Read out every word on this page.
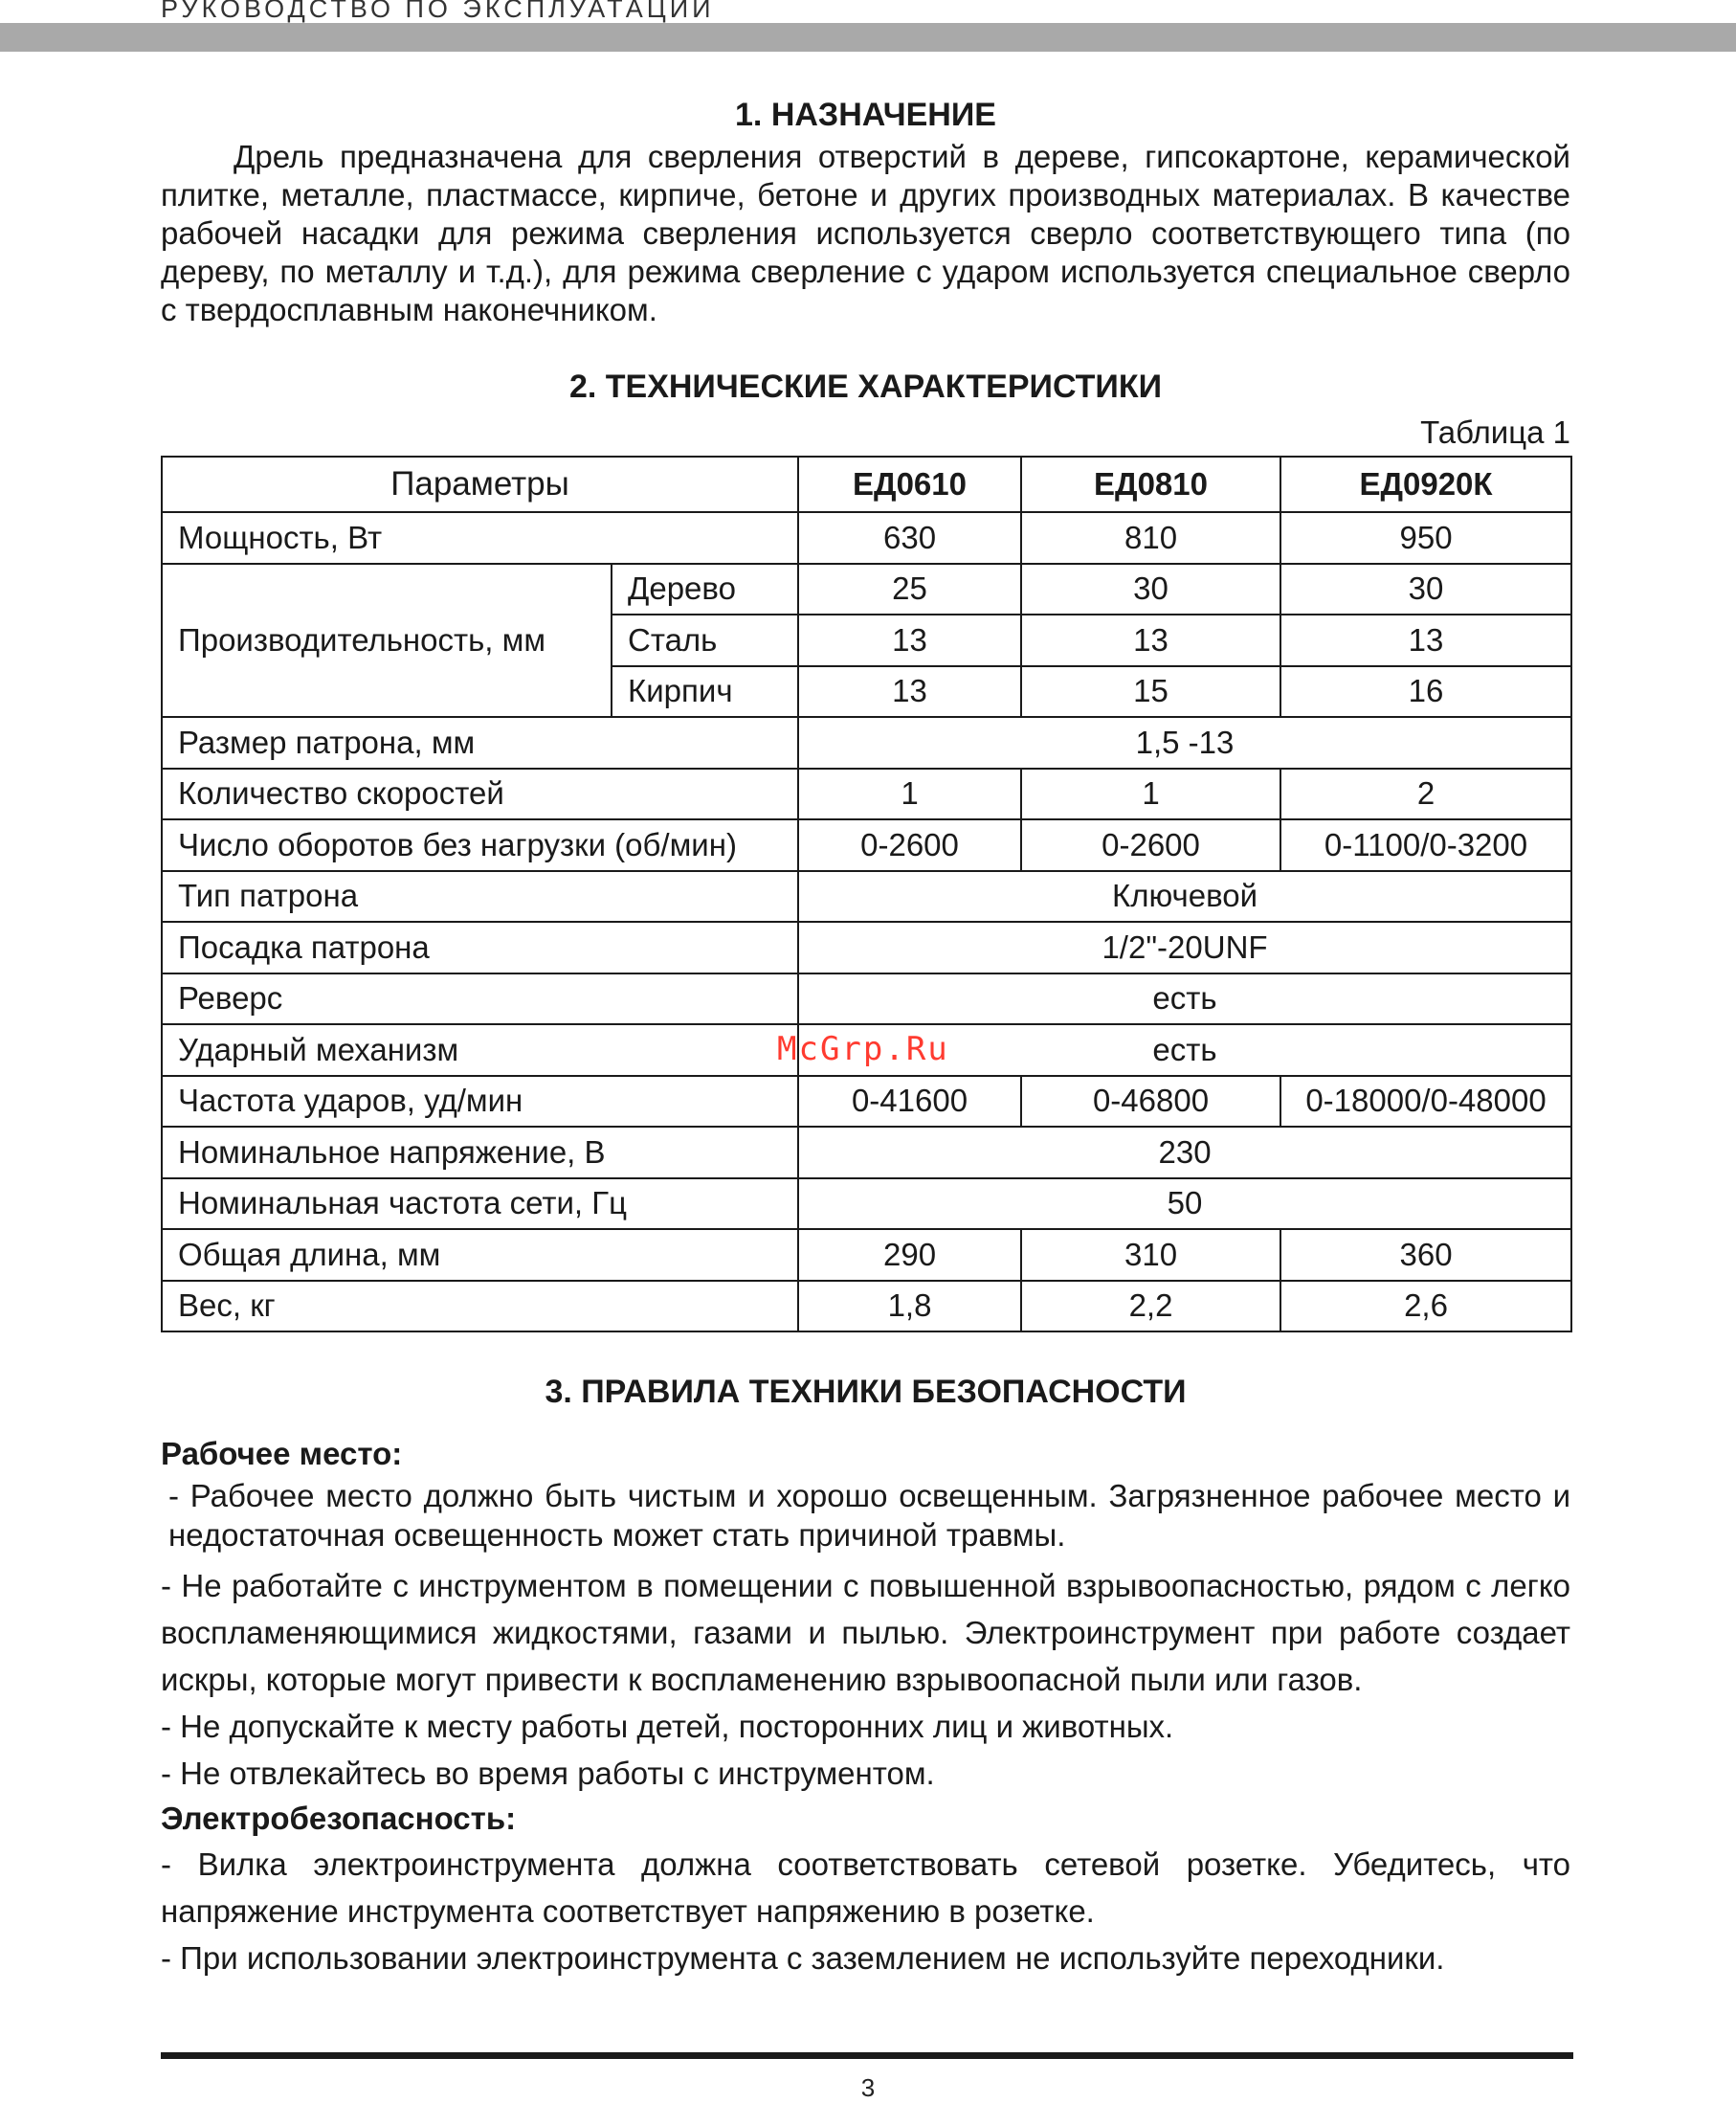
РУКОВОДСТВО ПО ЭКСПЛУАТАЦИИ
1. НАЗНАЧЕНИЕ

Дрель предназначена для сверления отверстий в дереве, гипсокартоне, керамической плитке, металле, пластмассе, кирпиче, бетоне и других производных материалах. В качестве рабочей насадки для режима сверления используется сверло соответствующего типа (по дереву, по металлу и т.д.), для режима сверление с ударом используется специальное сверло с твердосплавным наконечником.

2. ТЕХНИЧЕСКИЕ ХАРАКТЕРИСТИКИ
Таблица 1
Параметры		ЕД0610	ЕД0810	ЕД0920К
Мощность, Вт		630	810	950
Производительность, мм	Дерево	25	30	30
	Сталь	13	13	13
	Кирпич	13	15	16
Размер патрона, мм		1,5 -13		
Количество скоростей		1	1	2
Число оборотов без нагрузки (об/мин)		0-2600	0-2600	0-1100/0-3200
Тип патрона		Ключевой		
Посадка патрона		1/2"-20UNF		
Реверс		есть		
Ударный механизм		есть		
Частота ударов, уд/мин		0-41600	0-46800	0-18000/0-48000
Номинальное напряжение, В		230		
Номинальная частота сети, Гц		50		
Общая длина, мм		290	310	360
Вес, кг		1,8	2,2	2,6
3. ПРАВИЛА ТЕХНИКИ БЕЗОПАСНОСТИ
Рабочее место:

- Рабочее место должно быть чистым и хорошо освещенным. Загрязненное рабочее место и недостаточная освещенность может стать причиной травмы.

- Не работайте с инструментом в помещении с повышенной взрывоопасностью, рядом с легко воспламеняющимися жидкостями, газами и пылью. Электроинструмент при работе создает искры, которые могут привести к воспламенению взрывоопасной пыли или газов.

- Не допускайте к месту работы детей, посторонних лиц и животных.

- Не отвлекайтесь во время работы с инструментом.

Электробезопасность:

- Вилка электроинструмента должна соответствовать сетевой розетке. Убедитесь, что напряжение инструмента соответствует напряжению в розетке.

- При использовании электроинструмента с заземлением не используйте переходники.

McGrp.Ru
3
